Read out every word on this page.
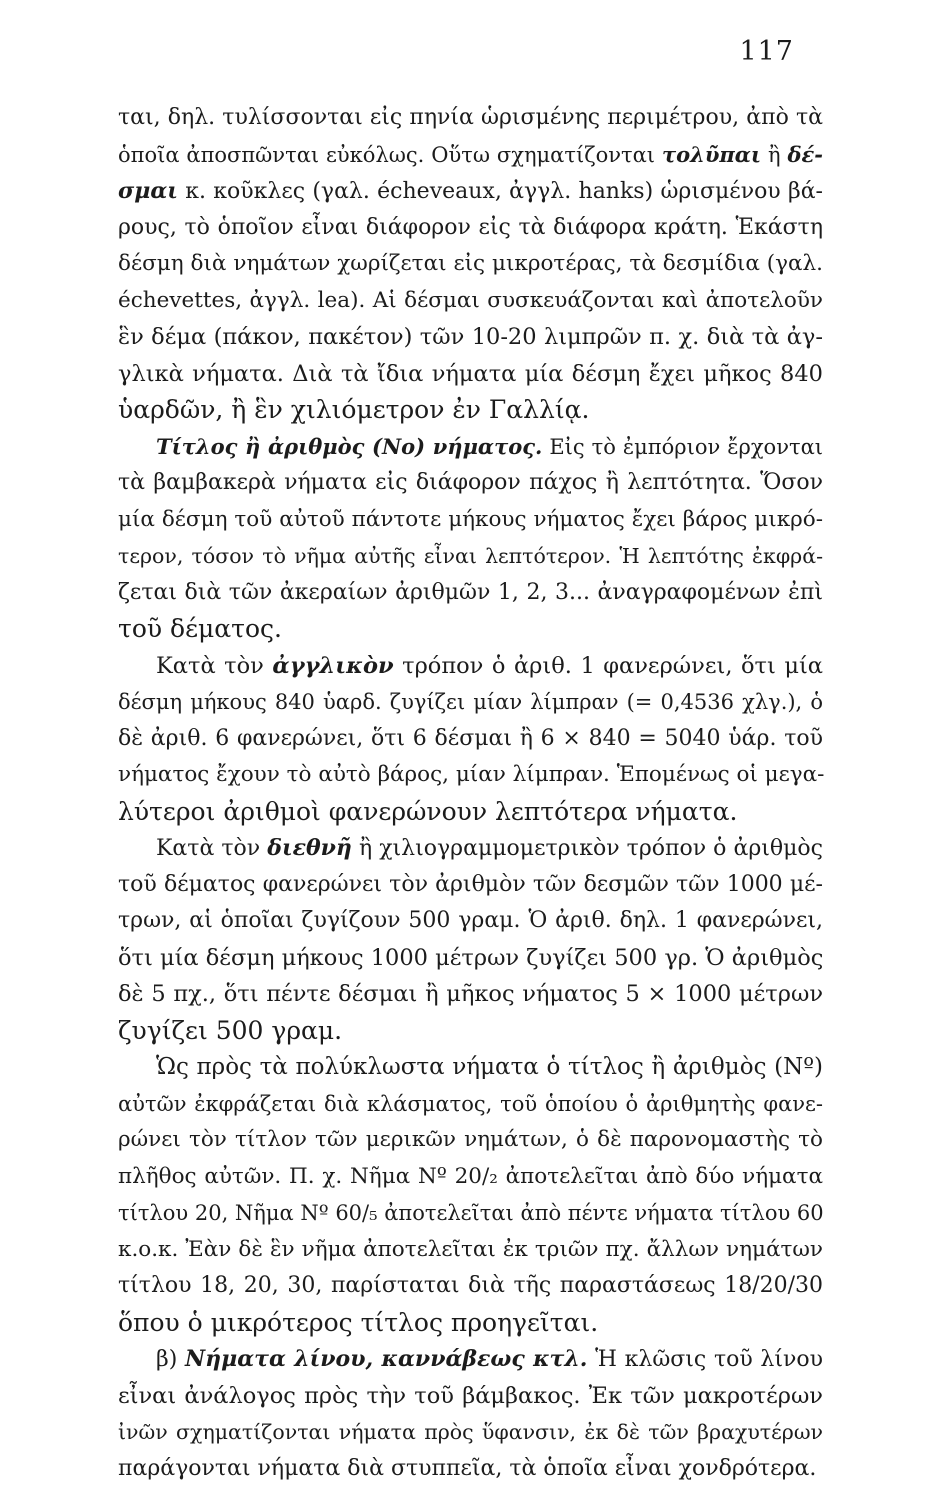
117
ται, δηλ. τυλίσσονται εἰς πηνία ὡρισμένης περιμέτρου, ἀπὸ τὰ
ὁποῖα ἀποσπῶνται εὐκόλως. Οὕτω σχηματίζονται τολῦπαι ἢ δέ-
σμαι κ. κοῦκλες (γαλ. écheveaux, ἀγγλ. hanks) ὡρισμένου βά-
ρους, τὸ ὁποῖον εἶναι διάφορον εἰς τὰ διάφορα κράτη. Ἑκάστη
δέσμη διὰ νημάτων χωρίζεται εἰς μικροτέρας, τὰ δεσμίδια (γαλ.
échevettes, ἀγγλ. lea). Αἱ δέσμαι συσκευάζονται καὶ ἀποτελοῦν
ἓν δέμα (πάκον, πακέτον) τῶν 10-20 λιμπρῶν π. χ. διὰ τὰ ἀγ-
γλικὰ νήματα. Διὰ τὰ ἴδια νήματα μία δέσμη ἔχει μῆκος 840
ὑαρδῶν, ἢ ἓν χιλιόμετρον ἐν Γαλλίᾳ.
Τίτλος ἢ ἀριθμὸς (Νο) νήματος. Εἰς τὸ ἐμπόριον ἔρχονται
τὰ βαμβακερὰ νήματα εἰς διάφορον πάχος ἢ λεπτότητα. Ὅσον
μία δέσμη τοῦ αὐτοῦ πάντοτε μήκους νήματος ἔχει βάρος μικρό-
τερον, τόσον τὸ νῆμα αὐτῆς εἶναι λεπτότερον. Ἡ λεπτότης ἐκφρά-
ζεται διὰ τῶν ἀκεραίων ἀριθμῶν 1, 2, 3... ἀναγραφομένων ἐπὶ
τοῦ δέματος.
Κατὰ τὸν ἀγγλικὸν τρόπον ὁ ἀριθ. 1 φανερώνει, ὅτι μία
δέσμη μήκους 840 ὑαρδ. ζυγίζει μίαν λίμπραν (= 0,4536 χλγ.), ὁ
δὲ ἀριθ. 6 φανερώνει, ὅτι 6 δέσμαι ἢ 6 × 840 = 5040 ὑάρ. τοῦ
νήματος ἔχουν τὸ αὐτὸ βάρος, μίαν λίμπραν. Ἑπομένως οἱ μεγα-
λύτεροι ἀριθμοὶ φανερώνουν λεπτότερα νήματα.
Κατὰ τὸν διεθνῆ ἢ χιλιογραμμομετρικὸν τρόπον ὁ ἀριθμὸς
τοῦ δέματος φανερώνει τὸν ἀριθμὸν τῶν δεσμῶν τῶν 1000 μέ-
τρων, αἱ ὁποῖαι ζυγίζουν 500 γραμ. Ὁ ἀριθ. δηλ. 1 φανερώνει,
ὅτι μία δέσμη μήκους 1000 μέτρων ζυγίζει 500 γρ. Ὁ ἀριθμὸς
δὲ 5 πχ., ὅτι πέντε δέσμαι ἢ μῆκος νήματος 5 × 1000 μέτρων
ζυγίζει 500 γραμ.
Ὡς πρὸς τὰ πολύκλωστα νήματα ὁ τίτλος ἢ ἀριθμὸς (Nº)
αὐτῶν ἐκφράζεται διὰ κλάσματος, τοῦ ὁποίου ὁ ἀριθμητὴς φανε-
ρώνει τὸν τίτλον τῶν μερικῶν νημάτων, ὁ δὲ παρονομαστὴς τὸ
πλῆθος αὐτῶν. Π. χ. Νῆμα Nº 20/₂ ἀποτελεῖται ἀπὸ δύο νήματα
τίτλου 20, Νῆμα Nº 60/₅ ἀποτελεῖται ἀπὸ πέντε νήματα τίτλου 60
κ.ο.κ. Ἐὰν δὲ ἓν νῆμα ἀποτελεῖται ἐκ τριῶν πχ. ἄλλων νημάτων
τίτλου 18, 20, 30, παρίσταται διὰ τῆς παραστάσεως 18/20/30
ὅπου ὁ μικρότερος τίτλος προηγεῖται.
β) Νήματα λίνου, καννάβεως κτλ. Ἡ κλῶσις τοῦ λίνου
εἶναι ἀνάλογος πρὸς τὴν τοῦ βάμβακος. Ἐκ τῶν μακροτέρων
ἰνῶν σχηματίζονται νήματα πρὸς ὕφανσιν, ἐκ δὲ τῶν βραχυτέρων
παράγονται νήματα διὰ στυππεῖα, τὰ ὁποῖα εἶναι χονδρότερα.
